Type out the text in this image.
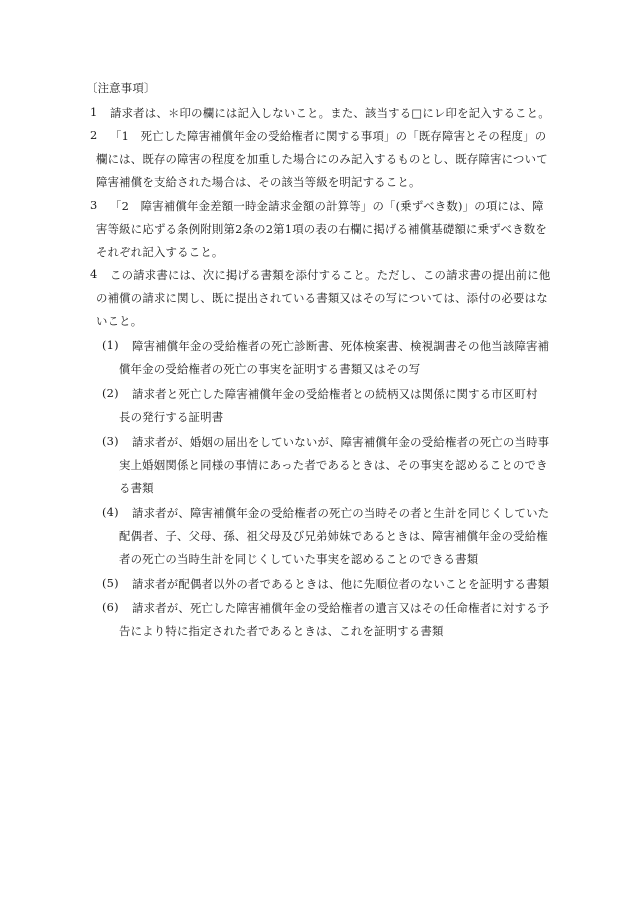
〔注意事項〕
1 請求者は、＊印の欄には記入しないこと。また、該当する□にレ印を記入すること。
2 「1　死亡した障害補償年金の受給権者に関する事項」の「既存障害とその程度」の
欄には、既存の障害の程度を加重した場合にのみ記入するものとし、既存障害について
障害補償を支給された場合は、その該当等級を明記すること。
3 「2　障害補償年金差額一時金請求金額の計算等」の「(乗ずべき数)」の項には、障
害等級に応ずる条例附則第2条の2第1項の表の右欄に掲げる補償基礎額に乗ずべき数を
それぞれ記入すること。
4 この請求書には、次に掲げる書類を添付すること。ただし、この請求書の提出前に他
の補償の請求に関し、既に提出されている書類又はその写については、添付の必要はな
いこと。
(1) 障害補償年金の受給権者の死亡診断書、死体検案書、検視調書その他当該障害補
償年金の受給権者の死亡の事実を証明する書類又はその写
(2) 請求者と死亡した障害補償年金の受給権者との続柄又は関係に関する市区町村
長の発行する証明書
(3) 請求者が、婚姻の届出をしていないが、障害補償年金の受給権者の死亡の当時事
実上婚姻関係と同様の事情にあった者であるときは、その事実を認めることのでき
る書類
(4) 請求者が、障害補償年金の受給権者の死亡の当時その者と生計を同じくしていた
配偶者、子、父母、孫、祖父母及び兄弟姉妹であるときは、障害補償年金の受給権
者の死亡の当時生計を同じくしていた事実を認めることのできる書類
(5) 請求者が配偶者以外の者であるときは、他に先順位者のないことを証明する書類
(6) 請求者が、死亡した障害補償年金の受給権者の遺言又はその任命権者に対する予
告により特に指定された者であるときは、これを証明する書類
